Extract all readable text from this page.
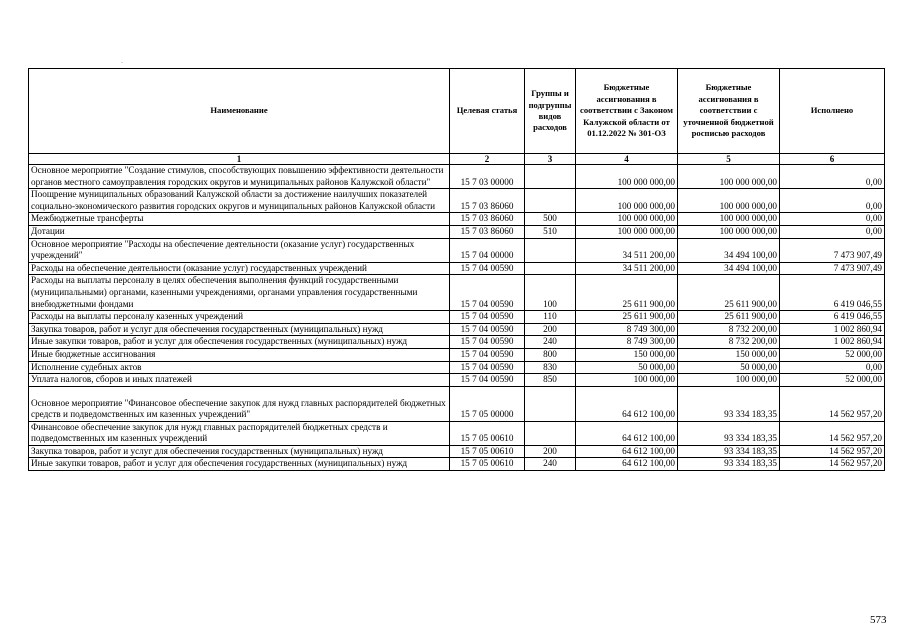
.
Наименование	Целевая статья	Группы и подгруппы видов расходов	Бюджетные ассигнования в соответствии с Законом Калужской области от 01.12.2022 № 301-ОЗ	Бюджетные ассигнования в соответствии с уточненной бюджетной росписью расходов	Исполнено
1	2	3	4	5	6
Основное мероприятие "Создание стимулов, способствующих повышению эффективности деятельности органов местного самоуправления городских округов и муниципальных районов Калужской области"	15 7 03 00000		100 000 000,00	100 000 000,00	0,00
Поощрение муниципальных образований Калужской области за достижение наилучших показателей социально-экономического развития городских округов и муниципальных районов Калужской области	15 7 03 86060		100 000 000,00	100 000 000,00	0,00
Межбюджетные трансферты	15 7 03 86060	500	100 000 000,00	100 000 000,00	0,00
Дотации	15 7 03 86060	510	100 000 000,00	100 000 000,00	0,00
Основное мероприятие "Расходы на обеспечение деятельности (оказание услуг) государственных учреждений"	15 7 04 00000		34 511 200,00	34 494 100,00	7 473 907,49
Расходы на обеспечение деятельности (оказание услуг) государственных учреждений	15 7 04 00590		34 511 200,00	34 494 100,00	7 473 907,49
Расходы на выплаты персоналу в целях обеспечения выполнения функций государственными (муниципальными) органами, казенными учреждениями, органами управления государственными внебюджетными фондами	15 7 04 00590	100	25 611 900,00	25 611 900,00	6 419 046,55
Расходы на выплаты персоналу казенных учреждений	15 7 04 00590	110	25 611 900,00	25 611 900,00	6 419 046,55
Закупка товаров, работ и услуг для обеспечения государственных (муниципальных) нужд	15 7 04 00590	200	8 749 300,00	8 732 200,00	1 002 860,94
Иные закупки товаров, работ и услуг для обеспечения государственных (муниципальных) нужд	15 7 04 00590	240	8 749 300,00	8 732 200,00	1 002 860,94
Иные бюджетные ассигнования	15 7 04 00590	800	150 000,00	150 000,00	52 000,00
Исполнение судебных актов	15 7 04 00590	830	50 000,00	50 000,00	0,00
Уплата налогов, сборов и иных платежей	15 7 04 00590	850	100 000,00	100 000,00	52 000,00
Основное мероприятие "Финансовое обеспечение закупок для нужд главных распорядителей бюджетных средств и подведомственных им казенных учреждений"	15 7 05 00000		64 612 100,00	93 334 183,35	14 562 957,20
Финансовое обеспечение закупок для нужд главных распорядителей бюджетных средств и подведомственных им казенных учреждений	15 7 05 00610		64 612 100,00	93 334 183,35	14 562 957,20
Закупка товаров, работ и услуг для обеспечения государственных (муниципальных) нужд	15 7 05 00610	200	64 612 100,00	93 334 183,35	14 562 957,20
Иные закупки товаров, работ и услуг для обеспечения государственных (муниципальных) нужд	15 7 05 00610	240	64 612 100,00	93 334 183,35	14 562 957,20
573
